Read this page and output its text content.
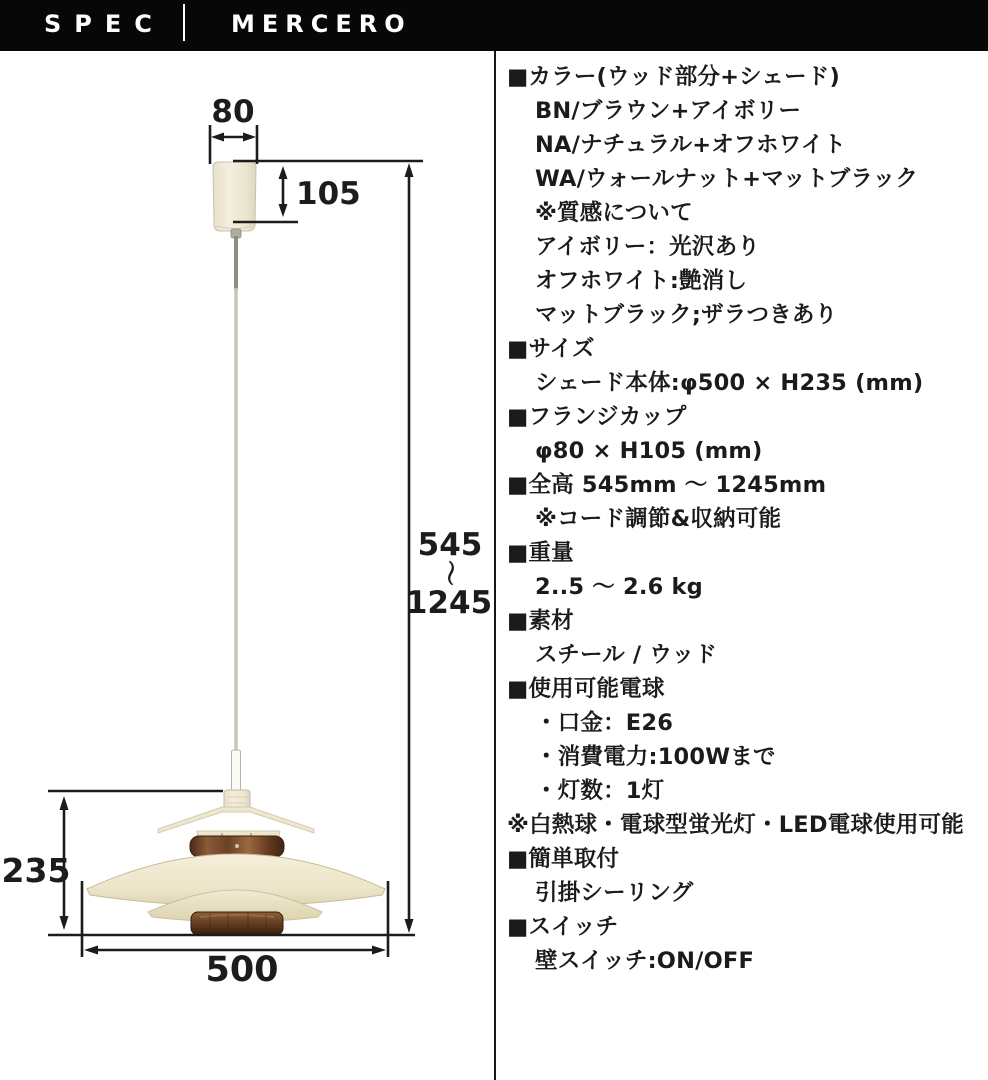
SPEC	MERCERO
80
105
545
〜
1245
235
500
■カラー(ウッド部分+シェード)
BN/ブラウン+アイボリー
NA/ナチュラル+オフホワイト
WA/ウォールナット+マットブラック
※質感について
アイボリー：光沢あり
オフホワイト:艶消し
マットブラック;ザラつきあり
■サイズ
シェード本体:φ500 × H235 (mm)
■フランジカップ
φ80 × H105 (mm)
■全高 545mm ～ 1245mm
※コード調節&収納可能
■重量
2..5 ～ 2.6 kg
■素材
スチール / ウッド
■使用可能電球
・口金：E26
・消費電力:100Wまで
・灯数：1灯
※白熱球・電球型蛍光灯・LED電球使用可能
■簡単取付
引掛シーリング
■スイッチ
壁スイッチ:ON/OFF
